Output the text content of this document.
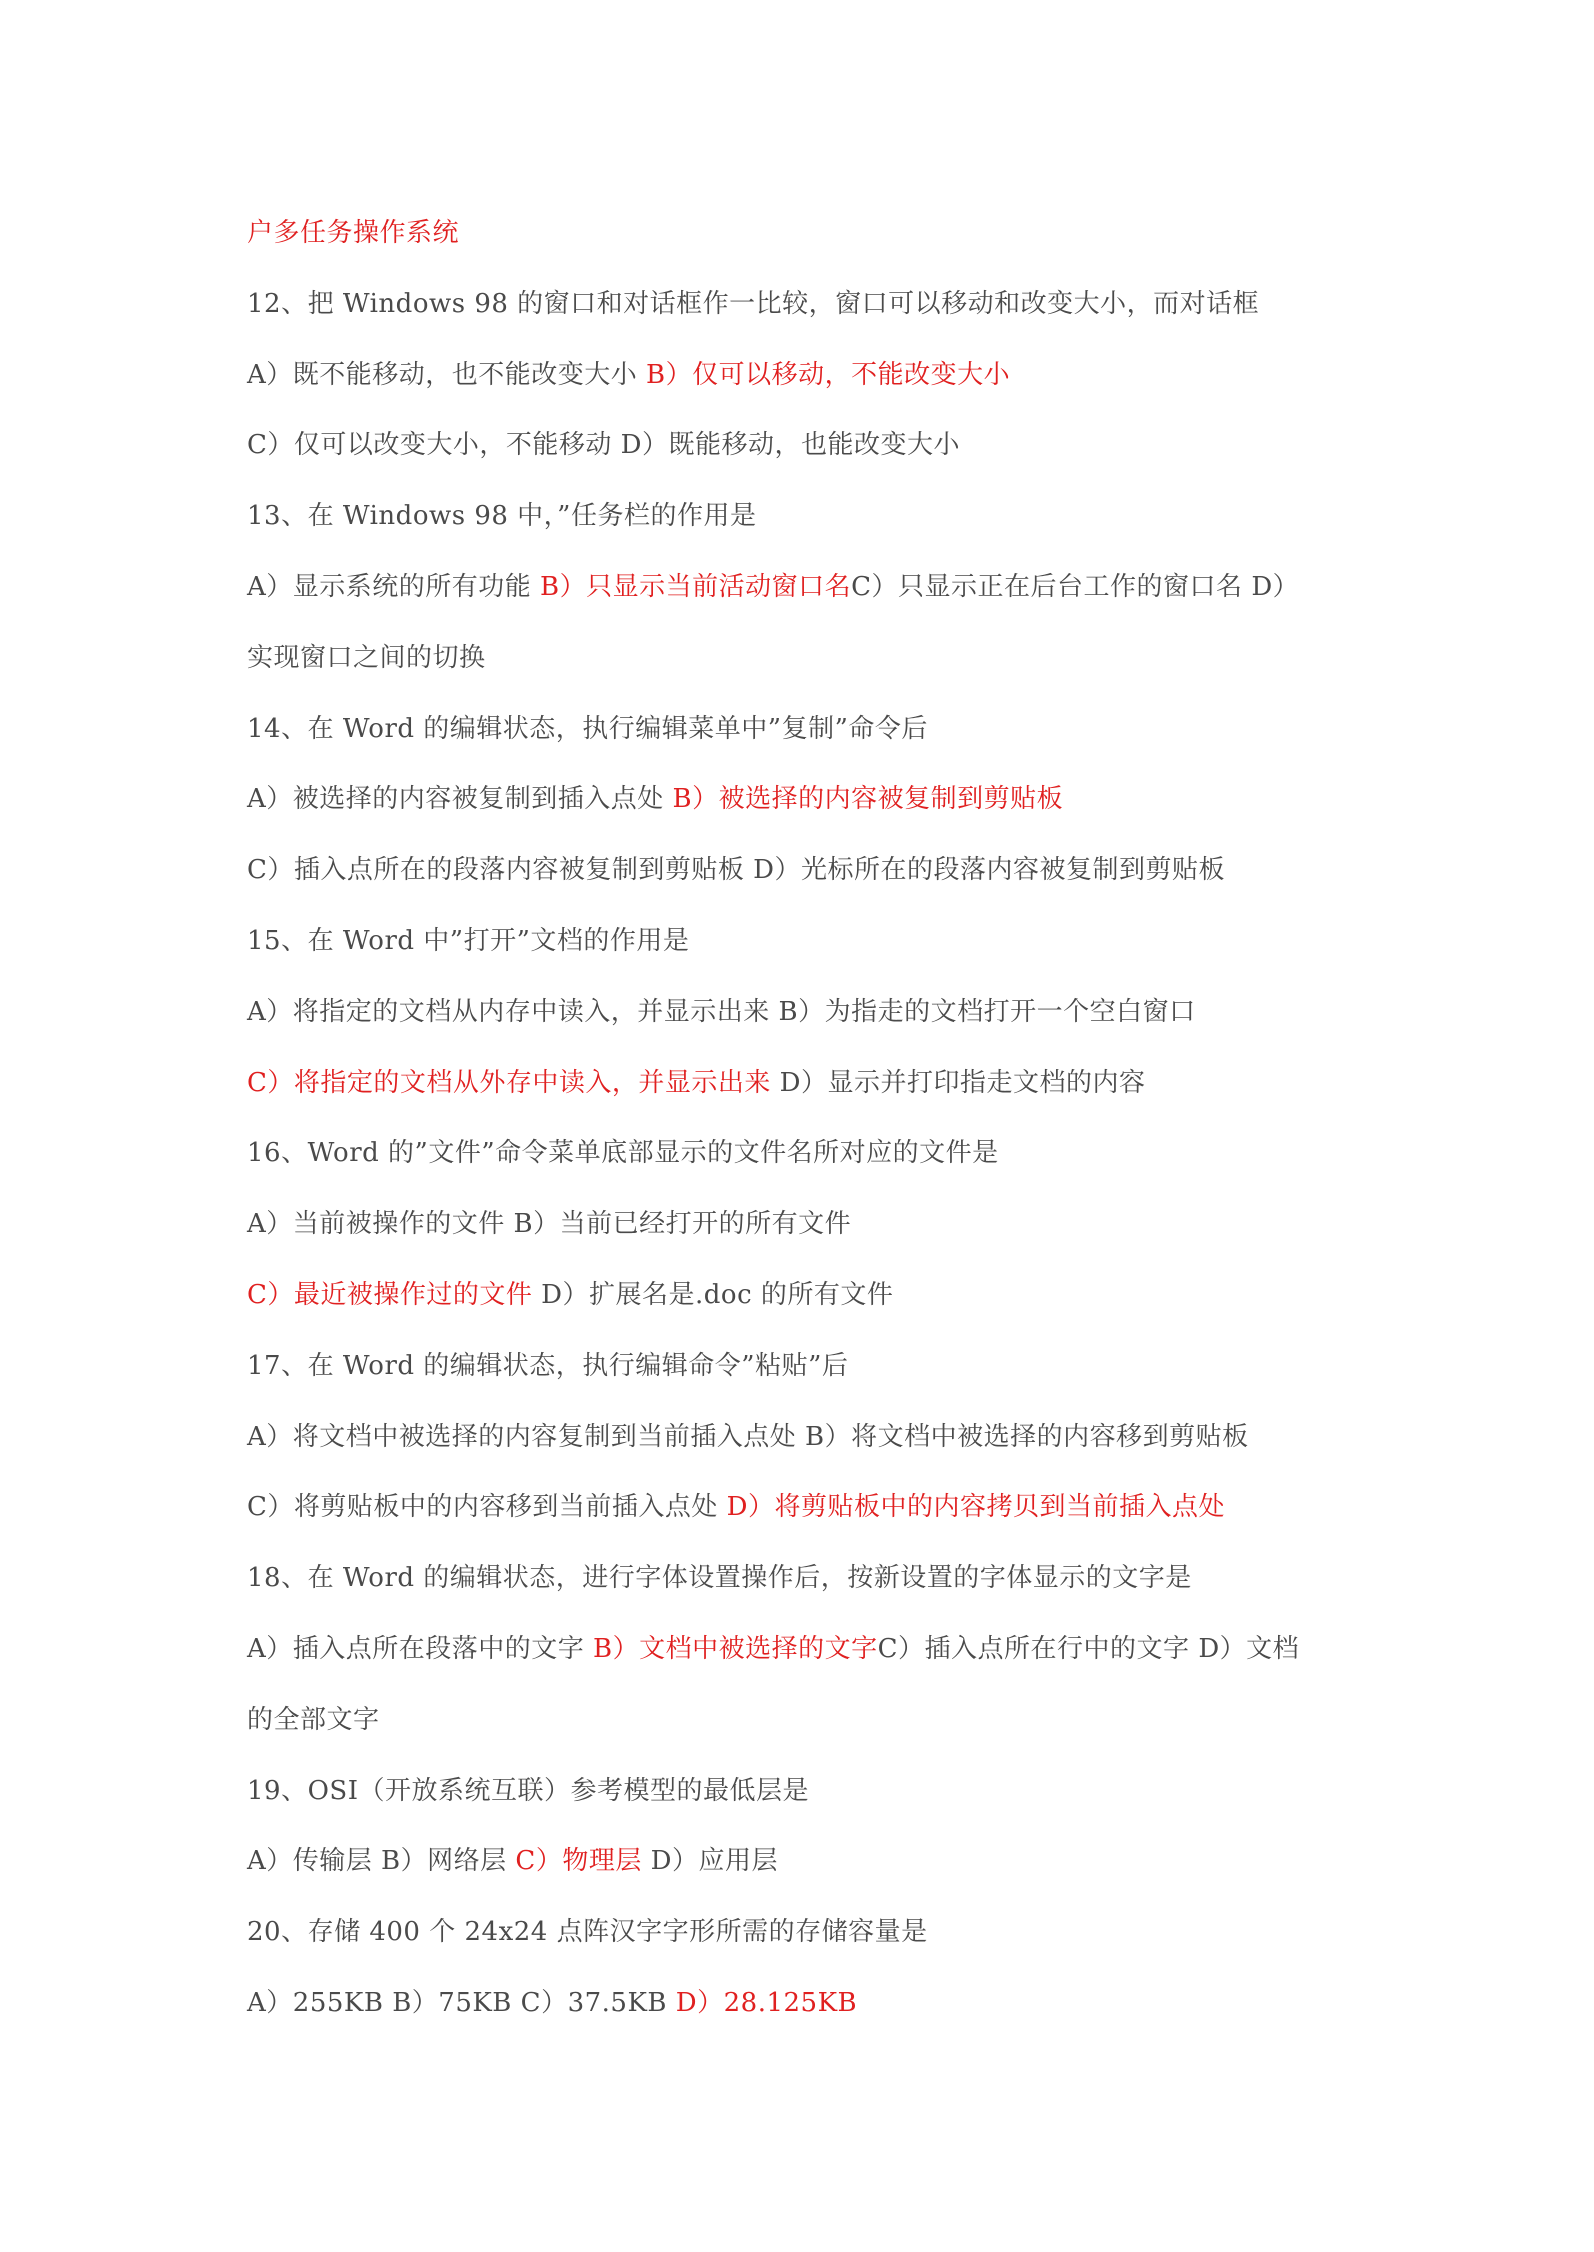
户多任务操作系统
12、把 Windows 98 的窗口和对话框作一比较，窗口可以移动和改变大小，而对话框
A）既不能移动，也不能改变大小 B）仅可以移动，不能改变大小
C）仅可以改变大小，不能移动 D）既能移动，也能改变大小
13、在 Windows 98 中，”任务栏的作用是
A）显示系统的所有功能 B）只显示当前活动窗口名C）只显示正在后台工作的窗口名 D）
实现窗口之间的切换
14、在 Word 的编辑状态，执行编辑菜单中”复制”命令后
A）被选择的内容被复制到插入点处 B）被选择的内容被复制到剪贴板
C）插入点所在的段落内容被复制到剪贴板 D）光标所在的段落内容被复制到剪贴板
15、在 Word 中”打开”文档的作用是
A）将指定的文档从内存中读入，并显示出来 B）为指走的文档打开一个空白窗口
C）将指定的文档从外存中读入，并显示出来 D）显示并打印指走文档的内容
16、Word 的”文件”命令菜单底部显示的文件名所对应的文件是
A）当前被操作的文件 B）当前已经打开的所有文件
C）最近被操作过的文件 D）扩展名是.doc 的所有文件
17、在 Word 的编辑状态，执行编辑命令”粘贴”后
A）将文档中被选择的内容复制到当前插入点处 B）将文档中被选择的内容移到剪贴板
C）将剪贴板中的内容移到当前插入点处 D）将剪贴板中的内容拷贝到当前插入点处
18、在 Word 的编辑状态，进行字体设置操作后，按新设置的字体显示的文字是
A）插入点所在段落中的文字 B）文档中被选择的文字C）插入点所在行中的文字 D）文档
的全部文字
19、OSI（开放系统互联）参考模型的最低层是
A）传输层 B）网络层 C）物理层 D）应用层
20、存储 400 个 24x24 点阵汉字字形所需的存储容量是
A）255KB B）75KB C）37.5KB D）28.125KB
